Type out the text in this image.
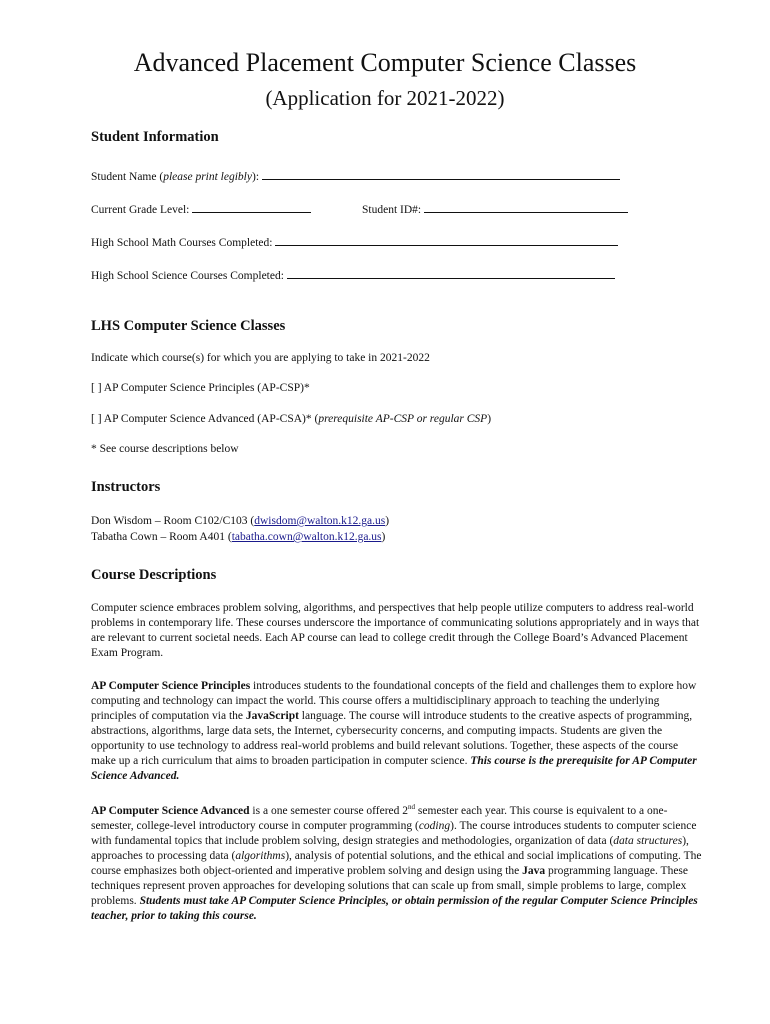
Advanced Placement Computer Science Classes
(Application for 2021-2022)
Student Information
Student Name (please print legibly):
Current Grade Level:	Student ID#:
High School Math Courses Completed:
High School Science Courses Completed:
LHS Computer Science Classes
Indicate which course(s) for which you are applying to take in 2021-2022
[ ] AP Computer Science Principles (AP-CSP)*
[ ] AP Computer Science Advanced (AP-CSA)* (prerequisite AP-CSP or regular CSP)
* See course descriptions below
Instructors
Don Wisdom – Room C102/C103 (dwisdom@walton.k12.ga.us)
Tabatha Cown – Room A401 (tabatha.cown@walton.k12.ga.us)
Course Descriptions

Computer science embraces problem solving, algorithms, and perspectives that help people utilize computers to address real-world problems in contemporary life. These courses underscore the importance of communicating solutions appropriately and in ways that are relevant to current societal needs. Each AP course can lead to college credit through the College Board’s Advanced Placement Exam Program.

AP Computer Science Principles introduces students to the foundational concepts of the field and challenges them to explore how computing and technology can impact the world. This course offers a multidisciplinary approach to teaching the underlying principles of computation via the JavaScript language. The course will introduce students to the creative aspects of programming, abstractions, algorithms, large data sets, the Internet, cybersecurity concerns, and computing impacts. Students are given the opportunity to use technology to address real-world problems and build relevant solutions. Together, these aspects of the course make up a rich curriculum that aims to broaden participation in computer science. This course is the prerequisite for AP Computer Science Advanced.

AP Computer Science Advanced is a one semester course offered 2nd semester each year. This course is equivalent to a one-semester, college-level introductory course in computer programming (coding). The course introduces students to computer science with fundamental topics that include problem solving, design strategies and methodologies, organization of data (data structures), approaches to processing data (algorithms), analysis of potential solutions, and the ethical and social implications of computing. The course emphasizes both object-oriented and imperative problem solving and design using the Java programming language. These techniques represent proven approaches for developing solutions that can scale up from small, simple problems to large, complex problems. Students must take AP Computer Science Principles, or obtain permission of the regular Computer Science Principles teacher, prior to taking this course.
